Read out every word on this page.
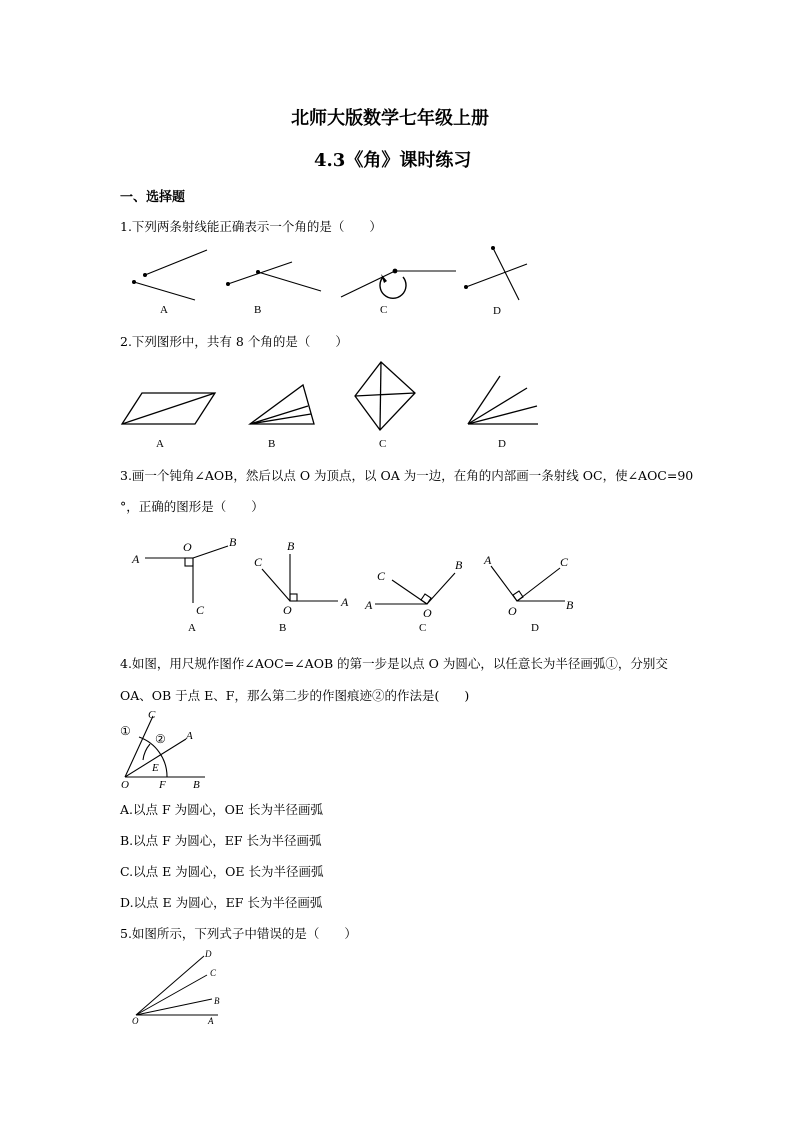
北师大版数学七年级上册
4.3《角》课时练习
一、选择题
1.下列两条射线能正确表示一个角的是（　　）
A	B	C	D
2.下列图形中，共有 8 个角的是（　　）
A	B	C	D
3.画一个钝角∠AOB，然后以点 O 为顶点，以 OA 为一边，在角的内部画一条射线 OC，使∠AOC=90
°，正确的图形是（　　）
A
O	B
C
B
C
O
A
C
B
A
O
A	C
O	B
A	B	C	D
4.如图，用尺规作图作∠AOC=∠AOB 的第一步是以点 O 为圆心，以任意长为半径画弧①，分别交
OA、OB 于点 E、F，那么第二步的作图痕迹②的作法是(　　)
C
A
E
O	F B
①
②
A.以点 F 为圆心，OE 长为半径画弧
B.以点 F 为圆心，EF 长为半径画弧
C.以点 E 为圆心，OE 长为半径画弧
D.以点 E 为圆心，EF 长为半径画弧
5.如图所示，下列式子中错误的是（　　）
D
C
B
O	A
